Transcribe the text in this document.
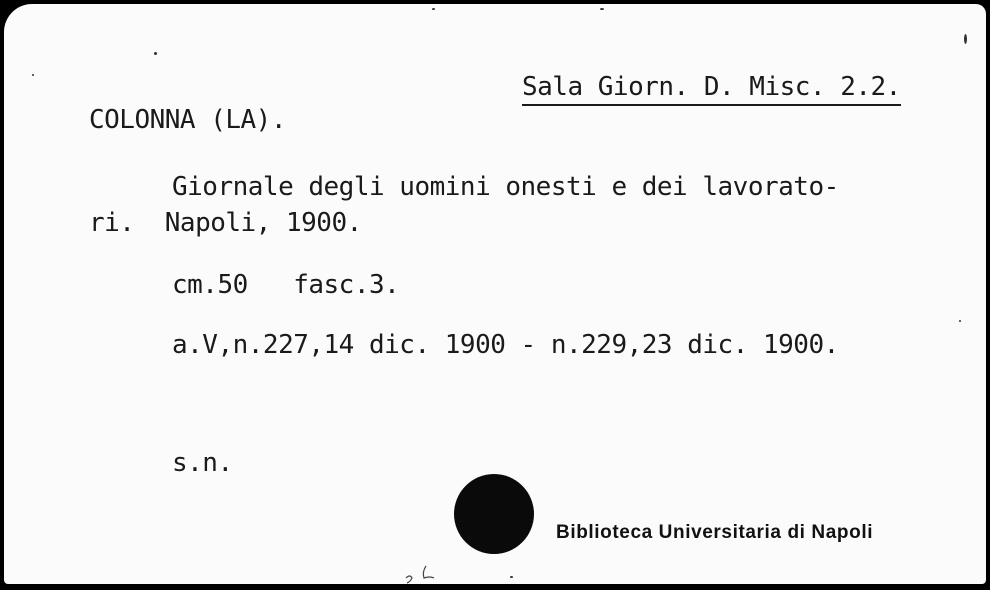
Sala Giorn. D. Misc. 2.2.
COLONNA (LA).
Giornale degli uomini onesti e dei lavorato-
ri.  Napoli, 1900.
cm.50   fasc.3.
a.V,n.227,14 dic. 1900 - n.229,23 dic. 1900.
s.n.
Biblioteca Universitaria di Napoli
